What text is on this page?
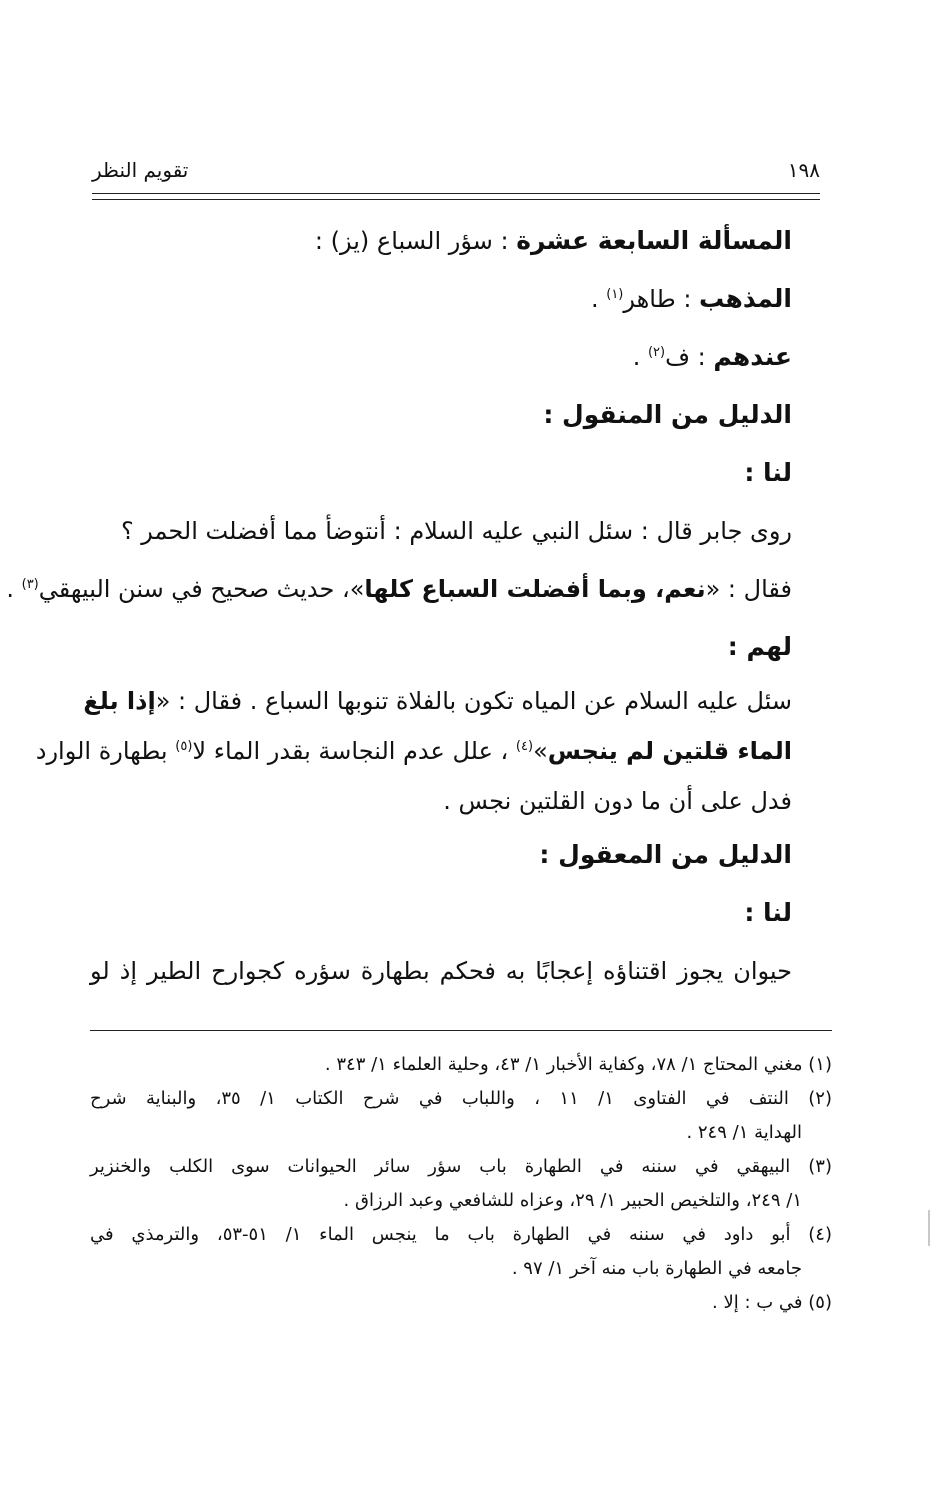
١٩٨
تقويم النظر
المسألة السابعة عشرة : سؤر السباع (يز) :
المذهب : طاهر$^{(١)}$ .
عندهم : ف$^{(٢)}$ .
الدليل من المنقول :
لنا :
روى جابر قال : سئل النبي عليه السلام : أنتوضأ مما أفضلت الحمر ؟
فقال : «نعم، وبما أفضلت السباع كلها»، حديث صحيح في سنن البيهقي$^{(٣)}$ .
لهم :
سئل عليه السلام عن المياه تكون بالفلاة تنوبها السباع . فقال : «إذا بلغ
الماء قلتين لم ينجس»$^{(٤)}$ ، علل عدم النجاسة بقدر الماء لا$^{(٥)}$ بطهارة الوارد
فدل على أن ما دون القلتين نجس .
الدليل من المعقول :
لنا :
حيوان يجوز اقتناؤه إعجابًا به فحكم بطهارة سؤره كجوارح الطير إذ لو
(١) مغني المحتاج ١/ ٧٨، وكفاية الأخبار ١/ ٤٣، وحلية العلماء ١/ ٣٤٣ .
(٢) النتف في الفتاوى ١/ ١١ ، واللباب في شرح الكتاب ١/ ٣٥، والبناية شرح
الهداية ١/ ٢٤٩ .
(٣) البيهقي في سننه في الطهارة باب سؤر سائر الحيوانات سوى الكلب والخنزير
١/ ٢٤٩، والتلخيص الحبير ١/ ٢٩، وعزاه للشافعي وعبد الرزاق .
(٤) أبو داود في سننه في الطهارة باب ما ينجس الماء ١/ ٥١-٥٣، والترمذي في
جامعه في الطهارة باب منه آخر ١/ ٩٧ .
(٥) في ب : إلا .
